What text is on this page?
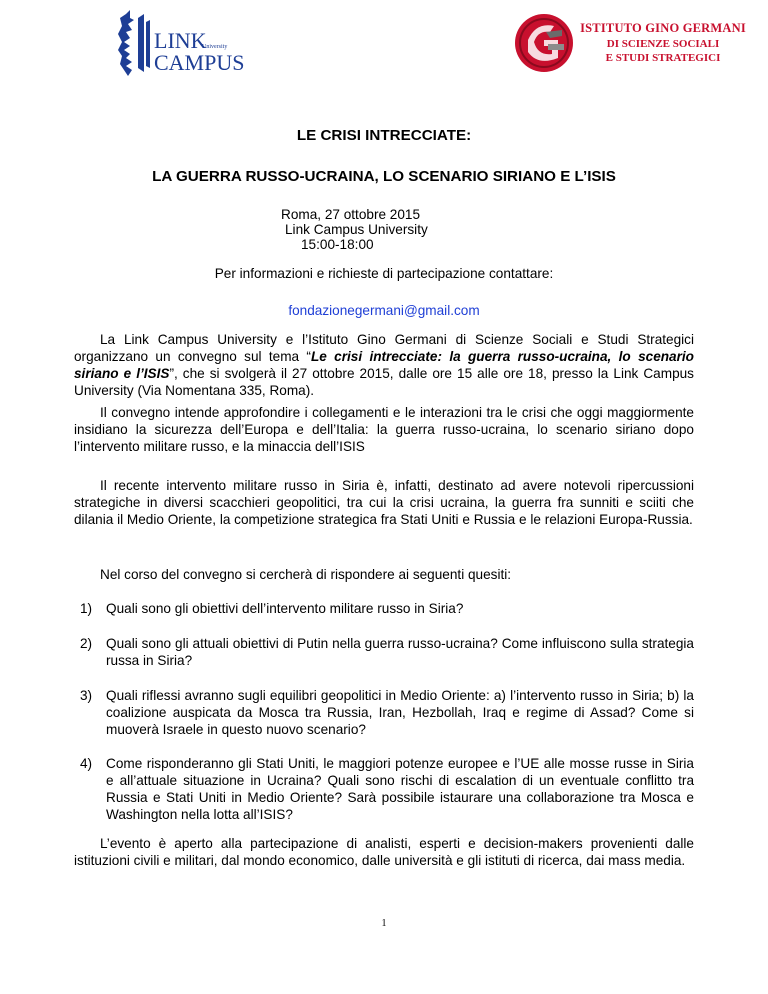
LINK
University
CAMPUS
ISTITUTO GINO GERMANI
DI SCIENZE SOCIALI
E STUDI STRATEGICI
LE CRISI INTRECCIATE:
LA GUERRA RUSSO-UCRAINA, LO SCENARIO SIRIANO E L’ISIS
Roma, 27 ottobre 2015
Link Campus University
15:00-18:00
Per informazioni e richieste di partecipazione contattare:
fondazionegermani@gmail.com
La Link Campus University e l’Istituto Gino Germani di Scienze Sociali e Studi Strategici organizzano un convegno sul tema “Le crisi intrecciate: la guerra russo-ucraina, lo scenario siriano e l’ISIS”, che si svolgerà il 27 ottobre 2015, dalle ore 15 alle ore 18, presso la Link Campus University (Via Nomentana 335, Roma).
Il convegno intende approfondire i collegamenti e le interazioni tra le crisi che oggi maggiormente insidiano la sicurezza dell’Europa e dell’Italia: la guerra russo-ucraina, lo scenario siriano dopo l’intervento militare russo, e la minaccia dell’ISIS
Il recente intervento militare russo in Siria è, infatti, destinato ad avere notevoli ripercussioni strategiche in diversi scacchieri geopolitici, tra cui la crisi ucraina, la guerra fra sunniti e sciiti che dilania il Medio Oriente, la competizione strategica fra Stati Uniti e Russia e le relazioni Europa-Russia.
Nel corso del convegno si cercherà di rispondere ai seguenti quesiti:
1) Quali sono gli obiettivi dell’intervento militare russo in Siria?
2) Quali sono gli attuali obiettivi di Putin nella guerra russo-ucraina? Come influiscono sulla strategia russa in Siria?
3) Quali riflessi avranno sugli equilibri geopolitici in Medio Oriente: a) l’intervento russo in Siria; b) la coalizione auspicata da Mosca tra Russia, Iran, Hezbollah, Iraq e regime di Assad? Come si muoverà Israele in questo nuovo scenario?
4) Come risponderanno gli Stati Uniti, le maggiori potenze europee e l’UE alle mosse russe in Siria e all’attuale situazione in Ucraina? Quali sono rischi di escalation di un eventuale conflitto tra Russia e Stati Uniti in Medio Oriente? Sarà possibile istaurare una collaborazione tra Mosca e Washington nella lotta all’ISIS?
L’evento è aperto alla partecipazione di analisti, esperti e decision-makers provenienti dalle istituzioni civili e militari, dal mondo economico, dalle università e gli istituti di ricerca, dai mass media.
1
